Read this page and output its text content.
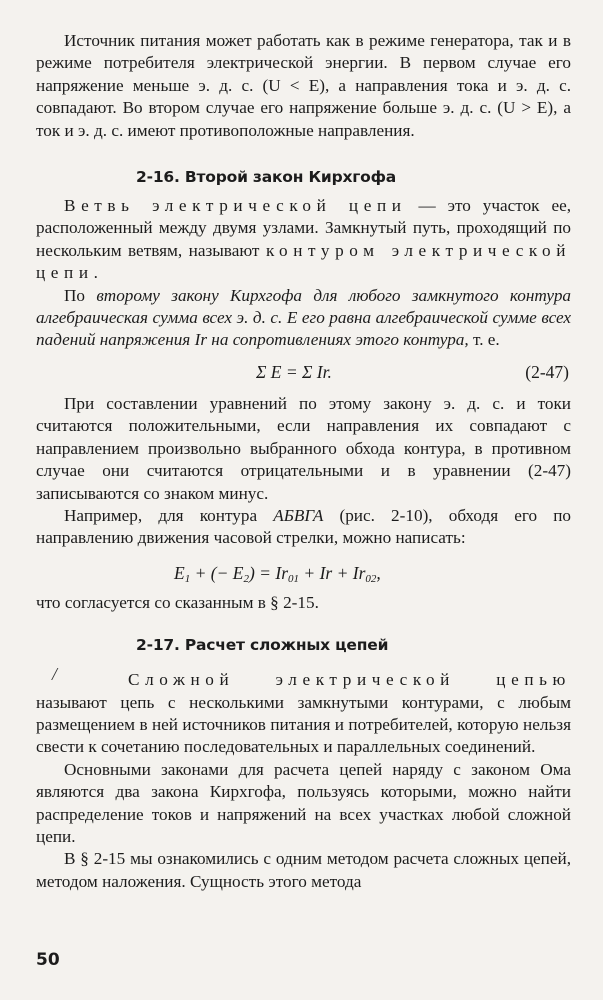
Источник питания может работать как в режиме генератора, так и в режиме потребителя электрической энергии. В первом случае его напряжение меньше э. д. с. (U < E), а направления тока и э. д. с. совпадают. Во втором случае его напряжение больше э. д. с. (U > E), а ток и э. д. с. имеют противоположные направления.

2-16. Второй закон Кирхгофа

Ветвь электрической цепи — это участок ее, расположенный между двумя узлами. Замкнутый путь, проходящий по нескольким ветвям, называют контуром электрической цепи.

По второму закону Кирхгофа для любого замкнутого контура алгебраическая сумма всех э. д. с. E его равна алгебраической сумме всех падений напряжения Ir на сопротивлениях этого контура, т. е.

Σ E = Σ Ir.	(2-47)

При составлении уравнений по этому закону э. д. с. и токи считаются положительными, если направления их совпадают с направлением произвольно выбранного обхода контура, в противном случае они считаются отрицательными и в уравнении (2-47) записываются со знаком минус.

Например, для контура АБВГА (рис. 2-10), обходя его по направлению движения часовой стрелки, можно написать:

$E_1$ + (− $E_2) = Ir_{01} + Ir + Ir_{02}$,

что согласуется со сказанным в § 2-15.

2-17. Расчет сложных цепей

Сложной электрической цепью называют цепь с несколькими замкнутыми контурами, с любым размещением в ней источников питания и потребителей, которую нельзя свести к сочетанию последовательных и параллельных соединений.

Основными законами для расчета цепей наряду с законом Ома являются два закона Кирхгофа, пользуясь которыми, можно найти распределение токов и напряжений на всех участках любой сложной цепи.

В § 2-15 мы ознакомились с одним методом расчета сложных цепей, методом наложения. Сущность этого метода

/
50
